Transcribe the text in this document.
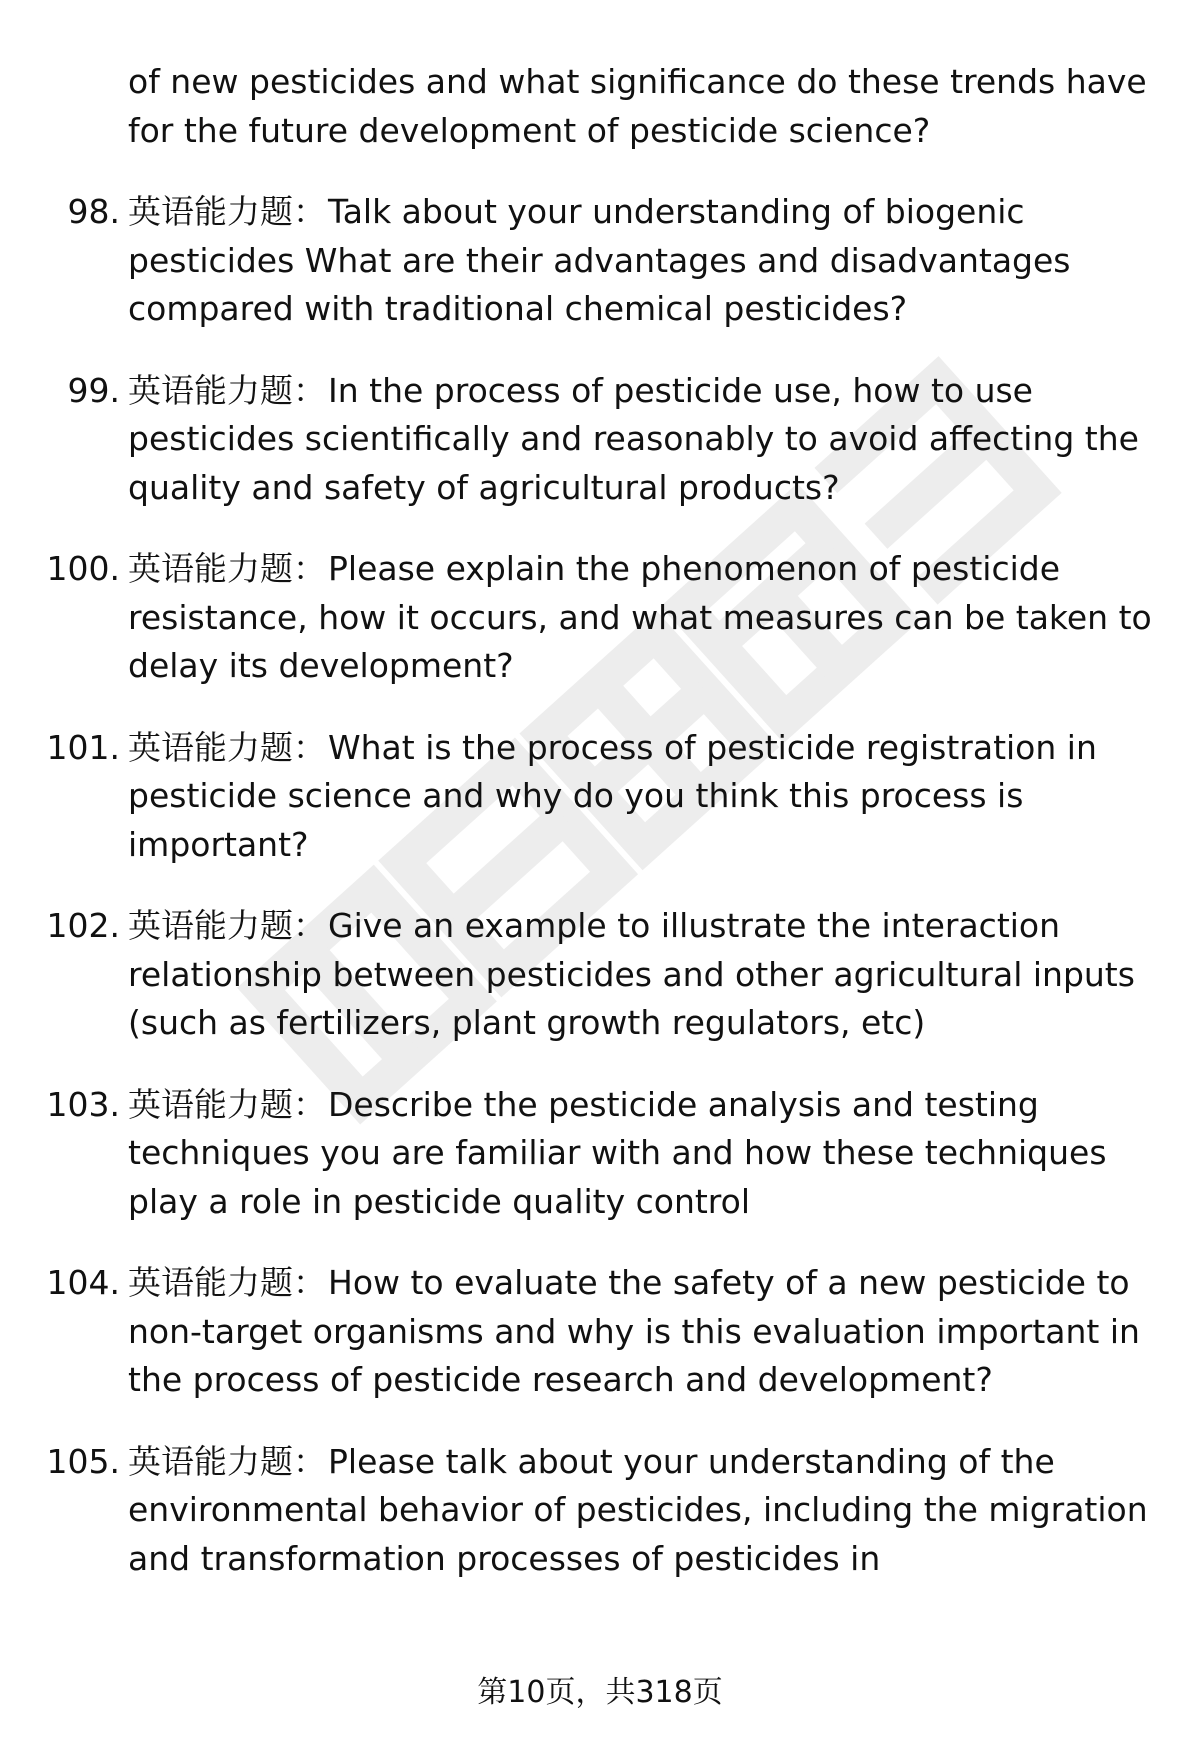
of new pesticides and what significance do these trends have for the future development of pesticide science?
98. 英语能力题：Talk about your understanding of biogenic pesticides What are their advantages and disadvantages compared with traditional chemical pesticides?
99. 英语能力题：In the process of pesticide use, how to use pesticides scientifically and reasonably to avoid affecting the quality and safety of agricultural products?
100. 英语能力题：Please explain the phenomenon of pesticide resistance, how it occurs, and what measures can be taken to delay its development?
101. 英语能力题：What is the process of pesticide registration in pesticide science and why do you think this process is important?
102. 英语能力题：Give an example to illustrate the interaction relationship between pesticides and other agricultural inputs (such as fertilizers, plant growth regulators, etc)
103. 英语能力题：Describe the pesticide analysis and testing techniques you are familiar with and how these techniques play a role in pesticide quality control
104. 英语能力题：How to evaluate the safety of a new pesticide to non-target organisms and why is this evaluation important in the process of pesticide research and development?
105. 英语能力题：Please talk about your understanding of the environmental behavior of pesticides, including the migration and transformation processes of pesticides in
第10页，共318页
